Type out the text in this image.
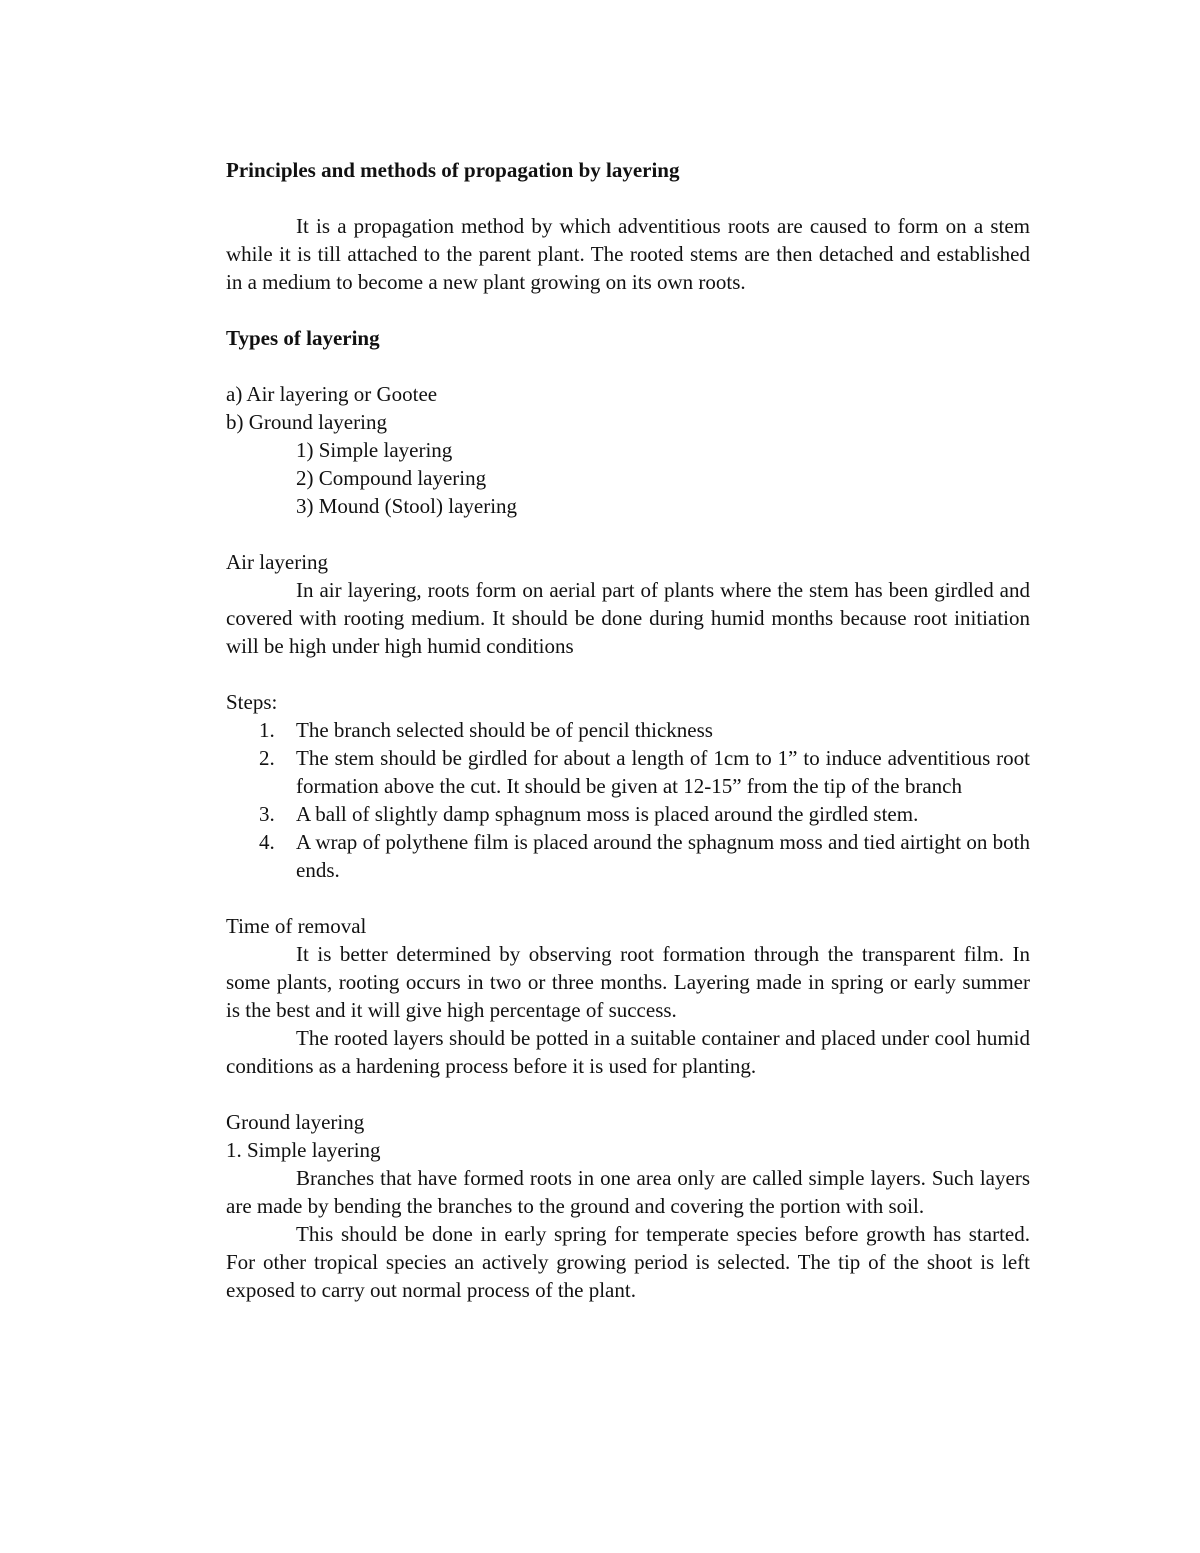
Principles and methods of propagation by layering

It is a propagation method by which adventitious roots are caused to form on a stem while it is till attached to the parent plant. The rooted stems are then detached and established in a medium to become a new plant growing on its own roots.

Types of layering

a) Air layering or Gootee

b) Ground layering

1) Simple layering

2) Compound layering

3) Mound (Stool) layering

Air layering

In air layering, roots form on aerial part of plants where the stem has been girdled and covered with rooting medium. It should be done during humid months because root initiation will be high under high humid conditions

Steps:

1. The branch selected should be of pencil thickness
2. The stem should be girdled for about a length of 1cm to 1” to induce adventitious root formation above the cut. It should be given at 12-15” from the tip of the branch
3. A ball of slightly damp sphagnum moss is placed around the girdled stem.
4. A wrap of polythene film is placed around the sphagnum moss and tied airtight on both ends.

Time of removal

It is better determined by observing root formation through the transparent film. In some plants, rooting occurs in two or three months. Layering made in spring or early summer is the best and it will give high percentage of success.

The rooted layers should be potted in a suitable container and placed under cool humid conditions as a hardening process before it is used for planting.

Ground layering

1. Simple layering

Branches that have formed roots in one area only are called simple layers. Such layers are made by bending the branches to the ground and covering the portion with soil.

This should be done in early spring for temperate species before growth has started. For other tropical species an actively growing period is selected. The tip of the shoot is left exposed to carry out normal process of the plant.
